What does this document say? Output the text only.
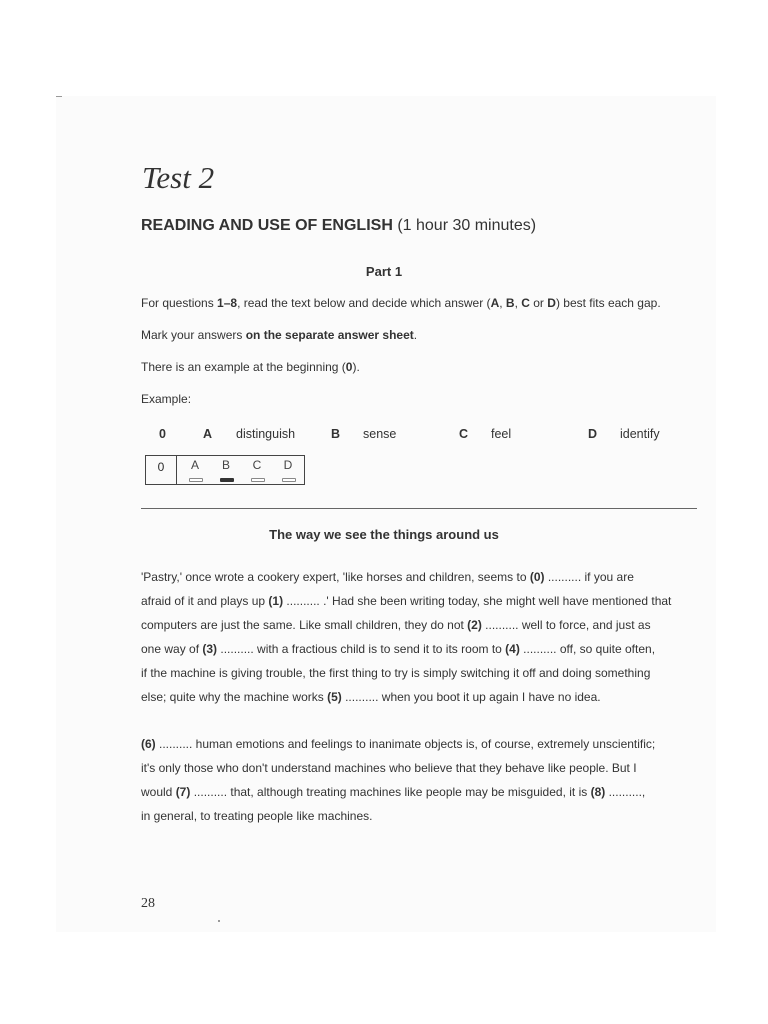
Test 2
READING AND USE OF ENGLISH (1 hour 30 minutes)
Part 1
For questions 1–8, read the text below and decide which answer (A, B, C or D) best fits each gap.
Mark your answers on the separate answer sheet.
There is an example at the beginning (0).
Example:
0	A distinguish	B sense	C feel	D identify
0	A	B	C	D
The way we see the things around us
'Pastry,' once wrote a cookery expert, 'like horses and children, seems to (0) .......... if you are
afraid of it and plays up (1) .......... .' Had she been writing today, she might well have mentioned that
computers are just the same. Like small children, they do not (2) .......... well to force, and just as
one way of (3) .......... with a fractious child is to send it to its room to (4) .......... off, so quite often,
if the machine is giving trouble, the first thing to try is simply switching it off and doing something
else; quite why the machine works (5) .......... when you boot it up again I have no idea.
(6) .......... human emotions and feelings to inanimate objects is, of course, extremely unscientific;
it's only those who don't understand machines who believe that they behave like people. But I
would (7) .......... that, although treating machines like people may be misguided, it is (8) ..........,
in general, to treating people like machines.
28
